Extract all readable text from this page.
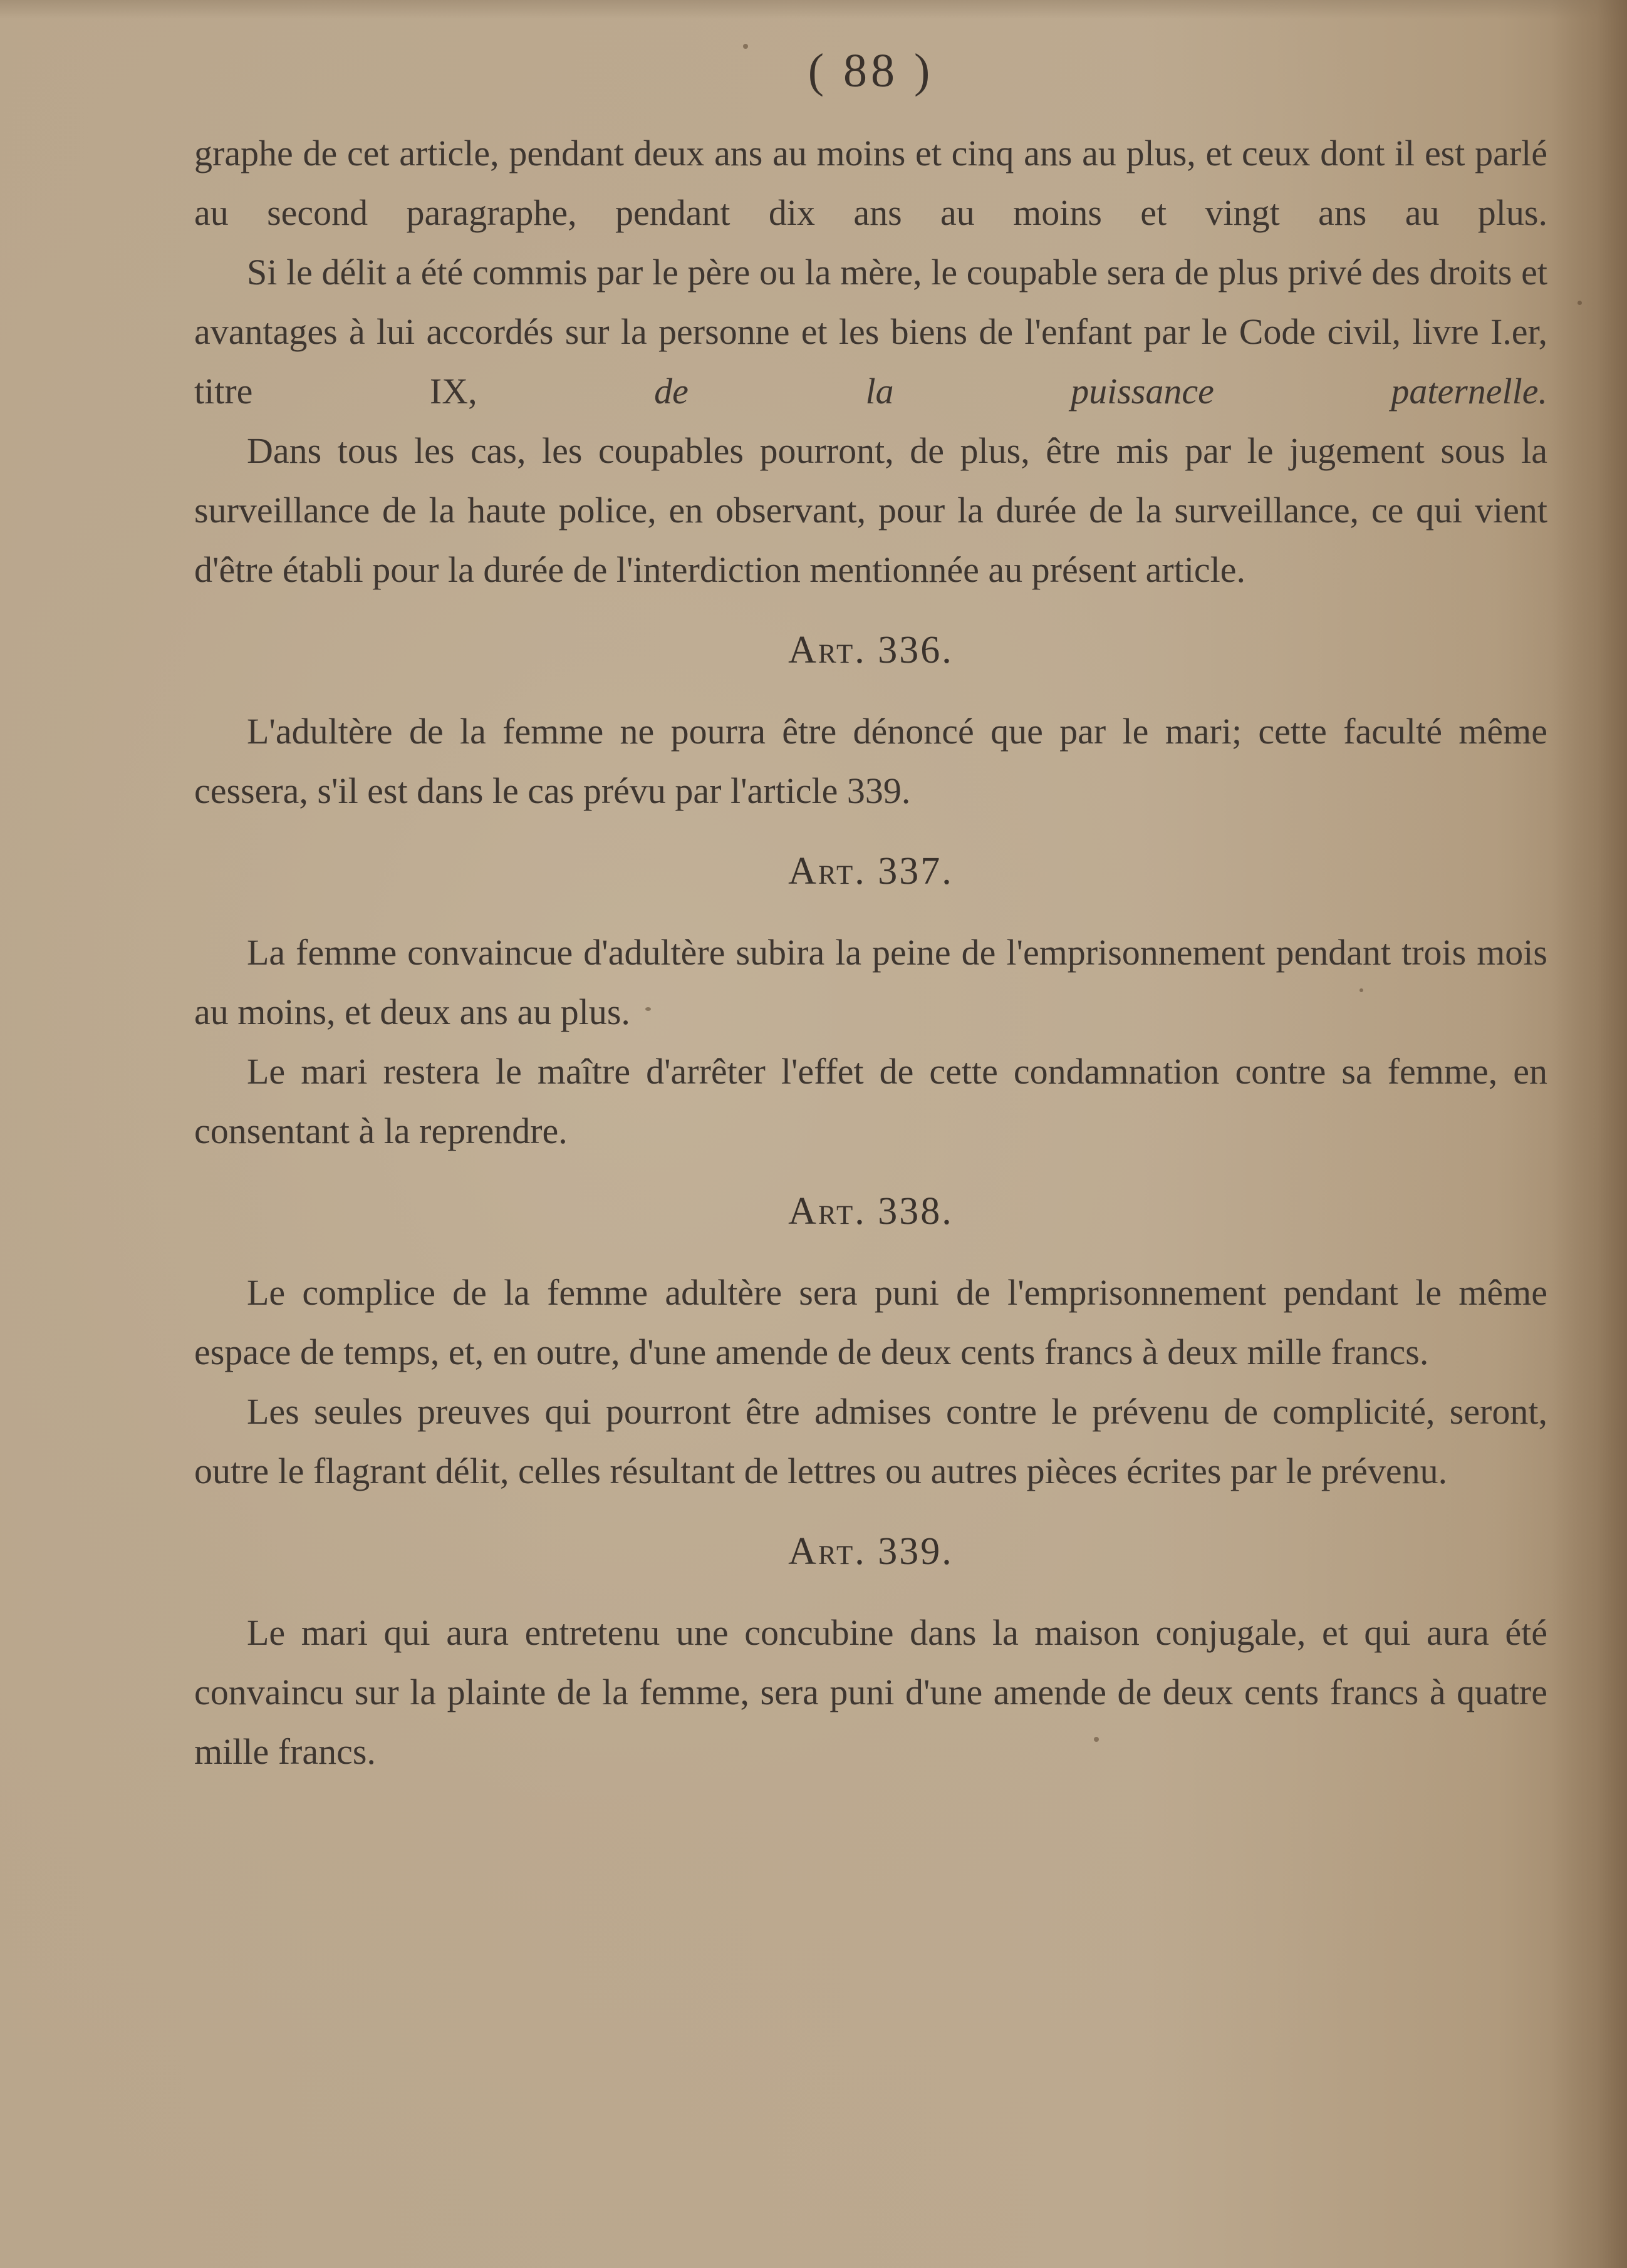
( 88 )

graphe de cet article, pendant deux ans au moins et cinq ans au plus, et ceux dont il est parlé au second paragraphe, pendant dix ans au moins et vingt ans au plus.

Si le délit a été commis par le père ou la mère, le coupable sera de plus privé des droits et avantages à lui accordés sur la personne et les biens de l'enfant par le Code civil, livre I.er, titre IX,	de la puissance paternelle.

Dans tous les cas, les coupables pourront, de plus, être mis par le jugement sous la surveillance de la haute police, en observant, pour la durée de la surveillance, ce qui vient d'être établi pour la durée de l'interdiction mentionnée au présent article.

Art. 336.

L'adultère de la femme ne pourra être dénoncé que par le mari; cette faculté même cessera, s'il est dans le cas prévu par l'article 339.

Art. 337.

La femme convaincue d'adultère subira la peine de l'emprisonnement pendant trois mois au moins, et deux ans au plus.

Le mari restera le maître d'arrêter l'effet de cette condamnation contre sa femme, en consentant à la reprendre.

Art. 338.

Le complice de la femme adultère sera puni de l'emprisonnement pendant le même espace de temps, et, en outre, d'une amende de deux cents francs à deux mille francs.

Les seules preuves qui pourront être admises contre le prévenu de complicité, seront, outre le flagrant délit, celles résultant de lettres ou autres pièces écrites par le prévenu.

Art. 339.

Le mari qui aura entretenu une concubine dans la maison conjugale, et qui aura été convaincu sur la plainte de la femme, sera puni d'une amende de deux cents francs à quatre mille francs.
